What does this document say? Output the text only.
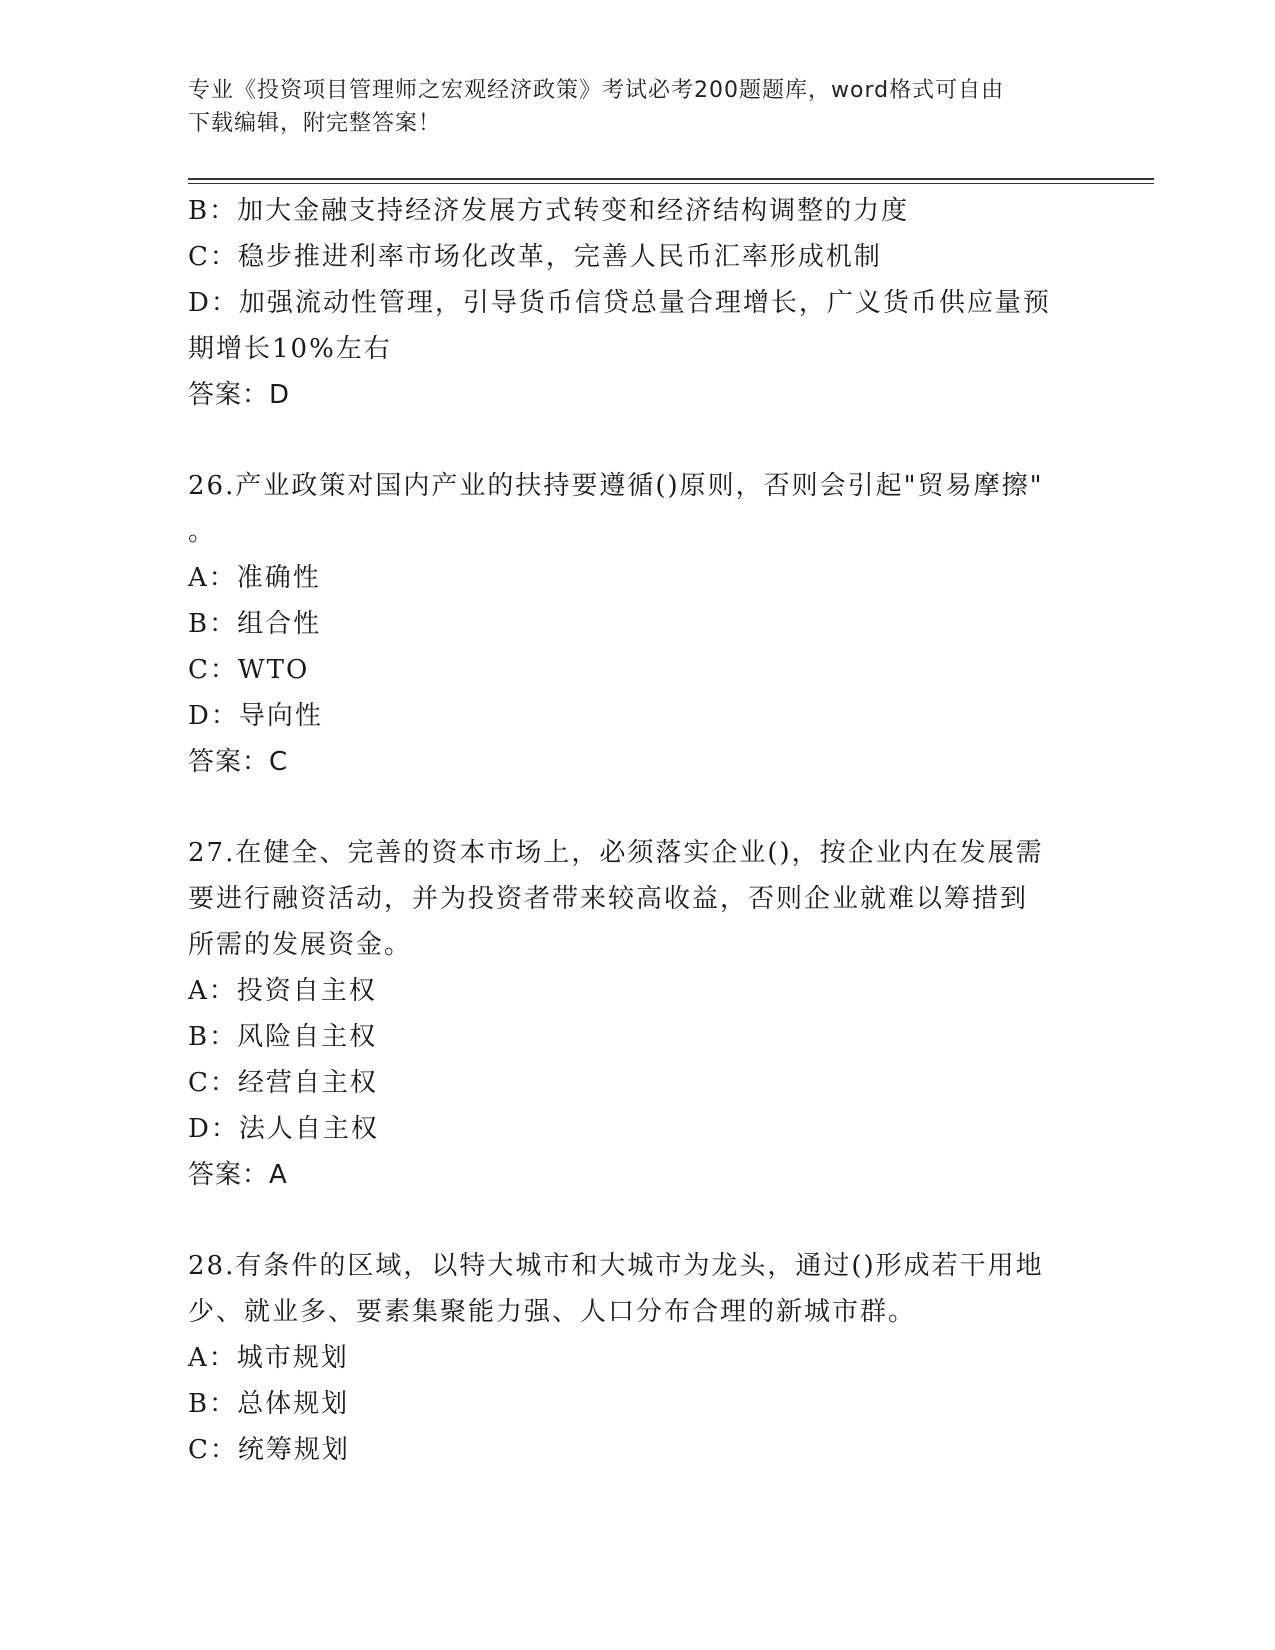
专业《投资项目管理师之宏观经济政策》考试必考200题题库，word格式可自由
下载编辑，附完整答案！
B：加大金融支持经济发展方式转变和经济结构调整的力度
C：稳步推进利率市场化改革，完善人民币汇率形成机制
D：加强流动性管理，引导货币信贷总量合理增长，广义货币供应量预
期增长10%左右
答案：D
26.产业政策对国内产业的扶持要遵循()原则，否则会引起"贸易摩擦"
。
A：准确性
B：组合性
C：WTO
D：导向性
答案：C
27.在健全、完善的资本市场上，必须落实企业()，按企业内在发展需
要进行融资活动，并为投资者带来较高收益，否则企业就难以筹措到
所需的发展资金。
A：投资自主权
B：风险自主权
C：经营自主权
D：法人自主权
答案：A
28.有条件的区域，以特大城市和大城市为龙头，通过()形成若干用地
少、就业多、要素集聚能力强、人口分布合理的新城市群。
A：城市规划
B：总体规划
C：统筹规划
